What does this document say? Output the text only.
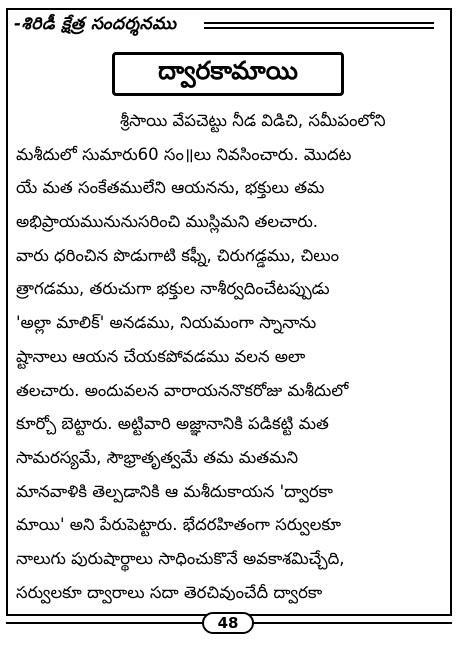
-శిరిడీ క్షేత్ర సందర్శనము
ద్వారకామాయి
శ్రీసాయి వేపచెట్టు నీడ విడిచి, సమీపంలోని
మశీదులో సుమారు60 సం॥లు నివసించారు. మొదట
యే మత సంకేతములేని ఆయనను, భక్తులు తమ
అభిప్రాయమునునుసరించి ముస్లిమని తలచారు.
వారు ధరించిన పొడుగాటి కఫ్నీ, చిరుగడ్డము, చిలుం
త్రాగడము, తరుచుగా భక్తుల నాశీర్వదించేటప్పుడు
'అల్లా మాలిక్' అనడము, నియమంగా స్నానాను
ష్టానాలు ఆయన చేయకపోవడము వలన అలా
తలచారు. అందువలన వారాయననొకరోజు మశీదులో
కూర్చో బెట్టారు. అట్టివారి అజ్ఞానానికి పడికట్టి మత
సామరస్యమే, సౌభ్రాతృత్వమే తమ మతమని
మానవాళికి తెల్పడానికి ఆ మశీదుకాయన 'ద్వారకా
మాయి' అని పేరుపెట్టారు. భేదరహితంగా సర్వులకూ
నాలుగు పురుషార్థాలు సాధించుకొనే అవకాశమిచ్చేది,
సర్వులకూ ద్వారాలు సదా తెరచివుంచేదీ ద్వారకా
48
